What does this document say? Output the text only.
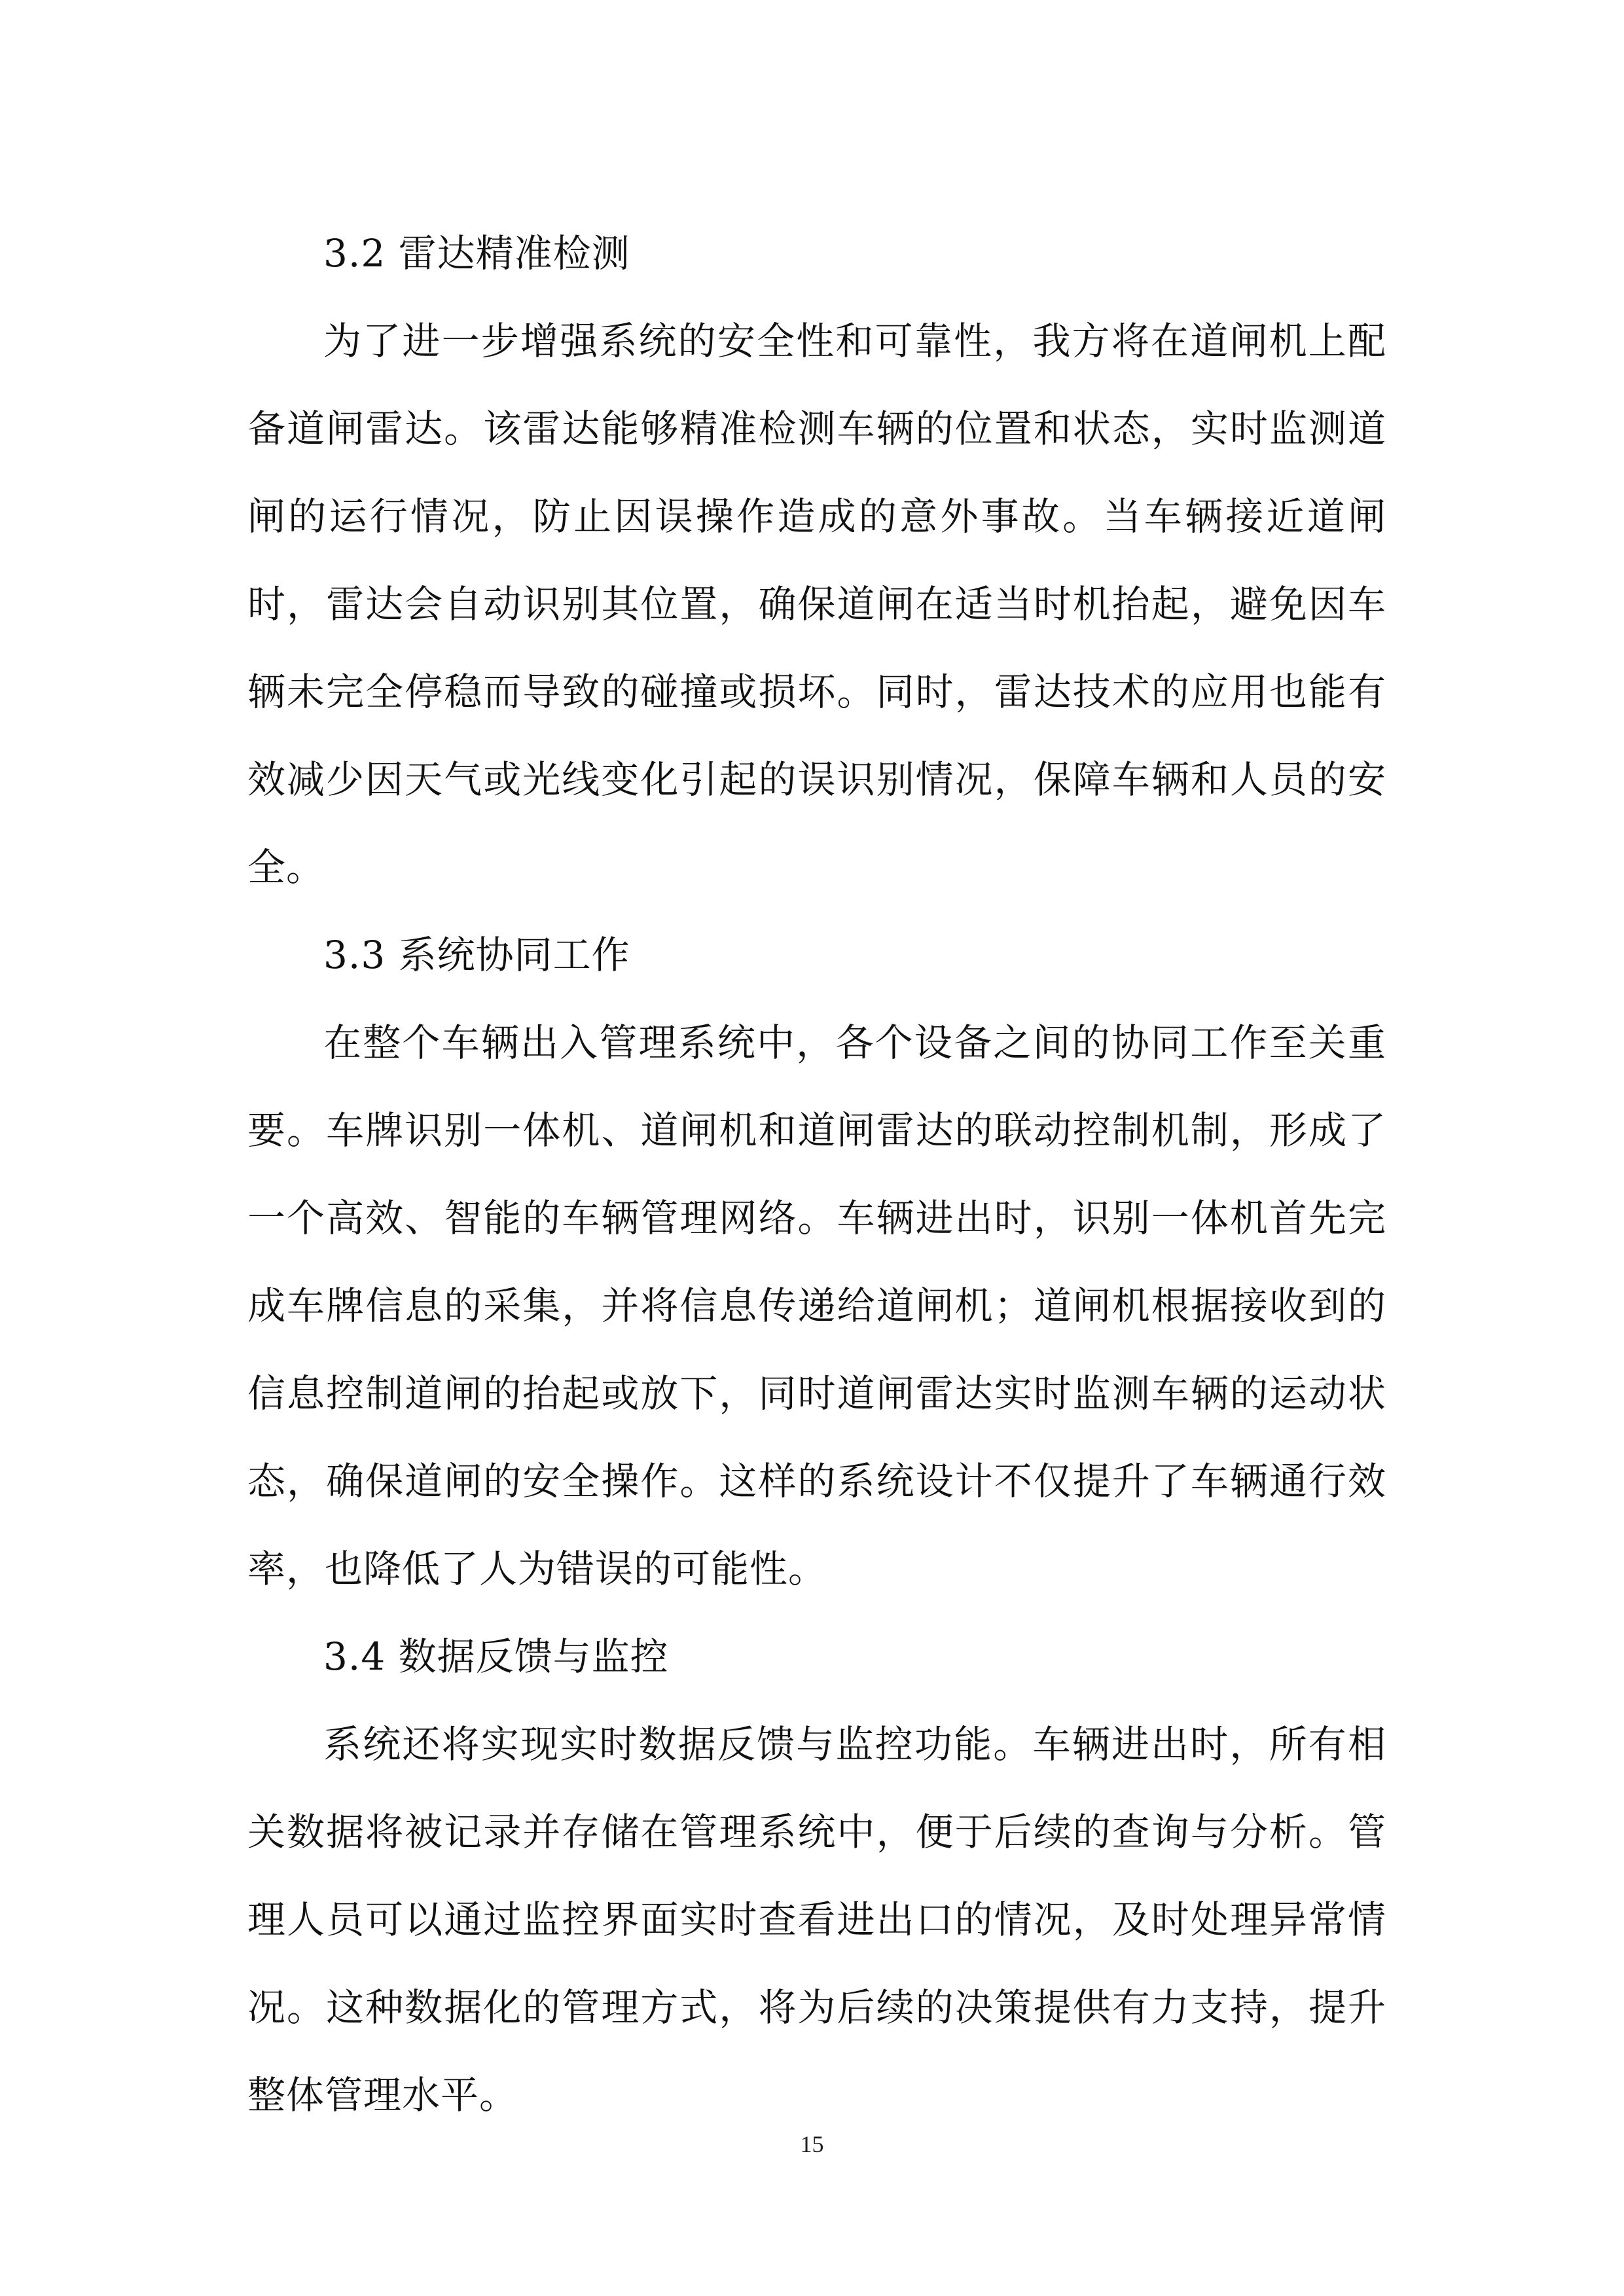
3.2 雷达精准检测

为了进一步增强系统的安全性和可靠性，我方将在道闸机上配备道闸雷达。该雷达能够精准检测车辆的位置和状态，实时监测道闸的运行情况，防止因误操作造成的意外事故。当车辆接近道闸时，雷达会自动识别其位置，确保道闸在适当时机抬起，避免因车辆未完全停稳而导致的碰撞或损坏。同时，雷达技术的应用也能有效减少因天气或光线变化引起的误识别情况，保障车辆和人员的安全。

3.3 系统协同工作

在整个车辆出入管理系统中，各个设备之间的协同工作至关重要。车牌识别一体机、道闸机和道闸雷达的联动控制机制，形成了一个高效、智能的车辆管理网络。车辆进出时，识别一体机首先完成车牌信息的采集，并将信息传递给道闸机；道闸机根据接收到的信息控制道闸的抬起或放下，同时道闸雷达实时监测车辆的运动状态，确保道闸的安全操作。这样的系统设计不仅提升了车辆通行效率，也降低了人为错误的可能性。

3.4 数据反馈与监控

系统还将实现实时数据反馈与监控功能。车辆进出时，所有相关数据将被记录并存储在管理系统中，便于后续的查询与分析。管理人员可以通过监控界面实时查看进出口的情况，及时处理异常情况。这种数据化的管理方式，将为后续的决策提供有力支持，提升整体管理水平。

15
